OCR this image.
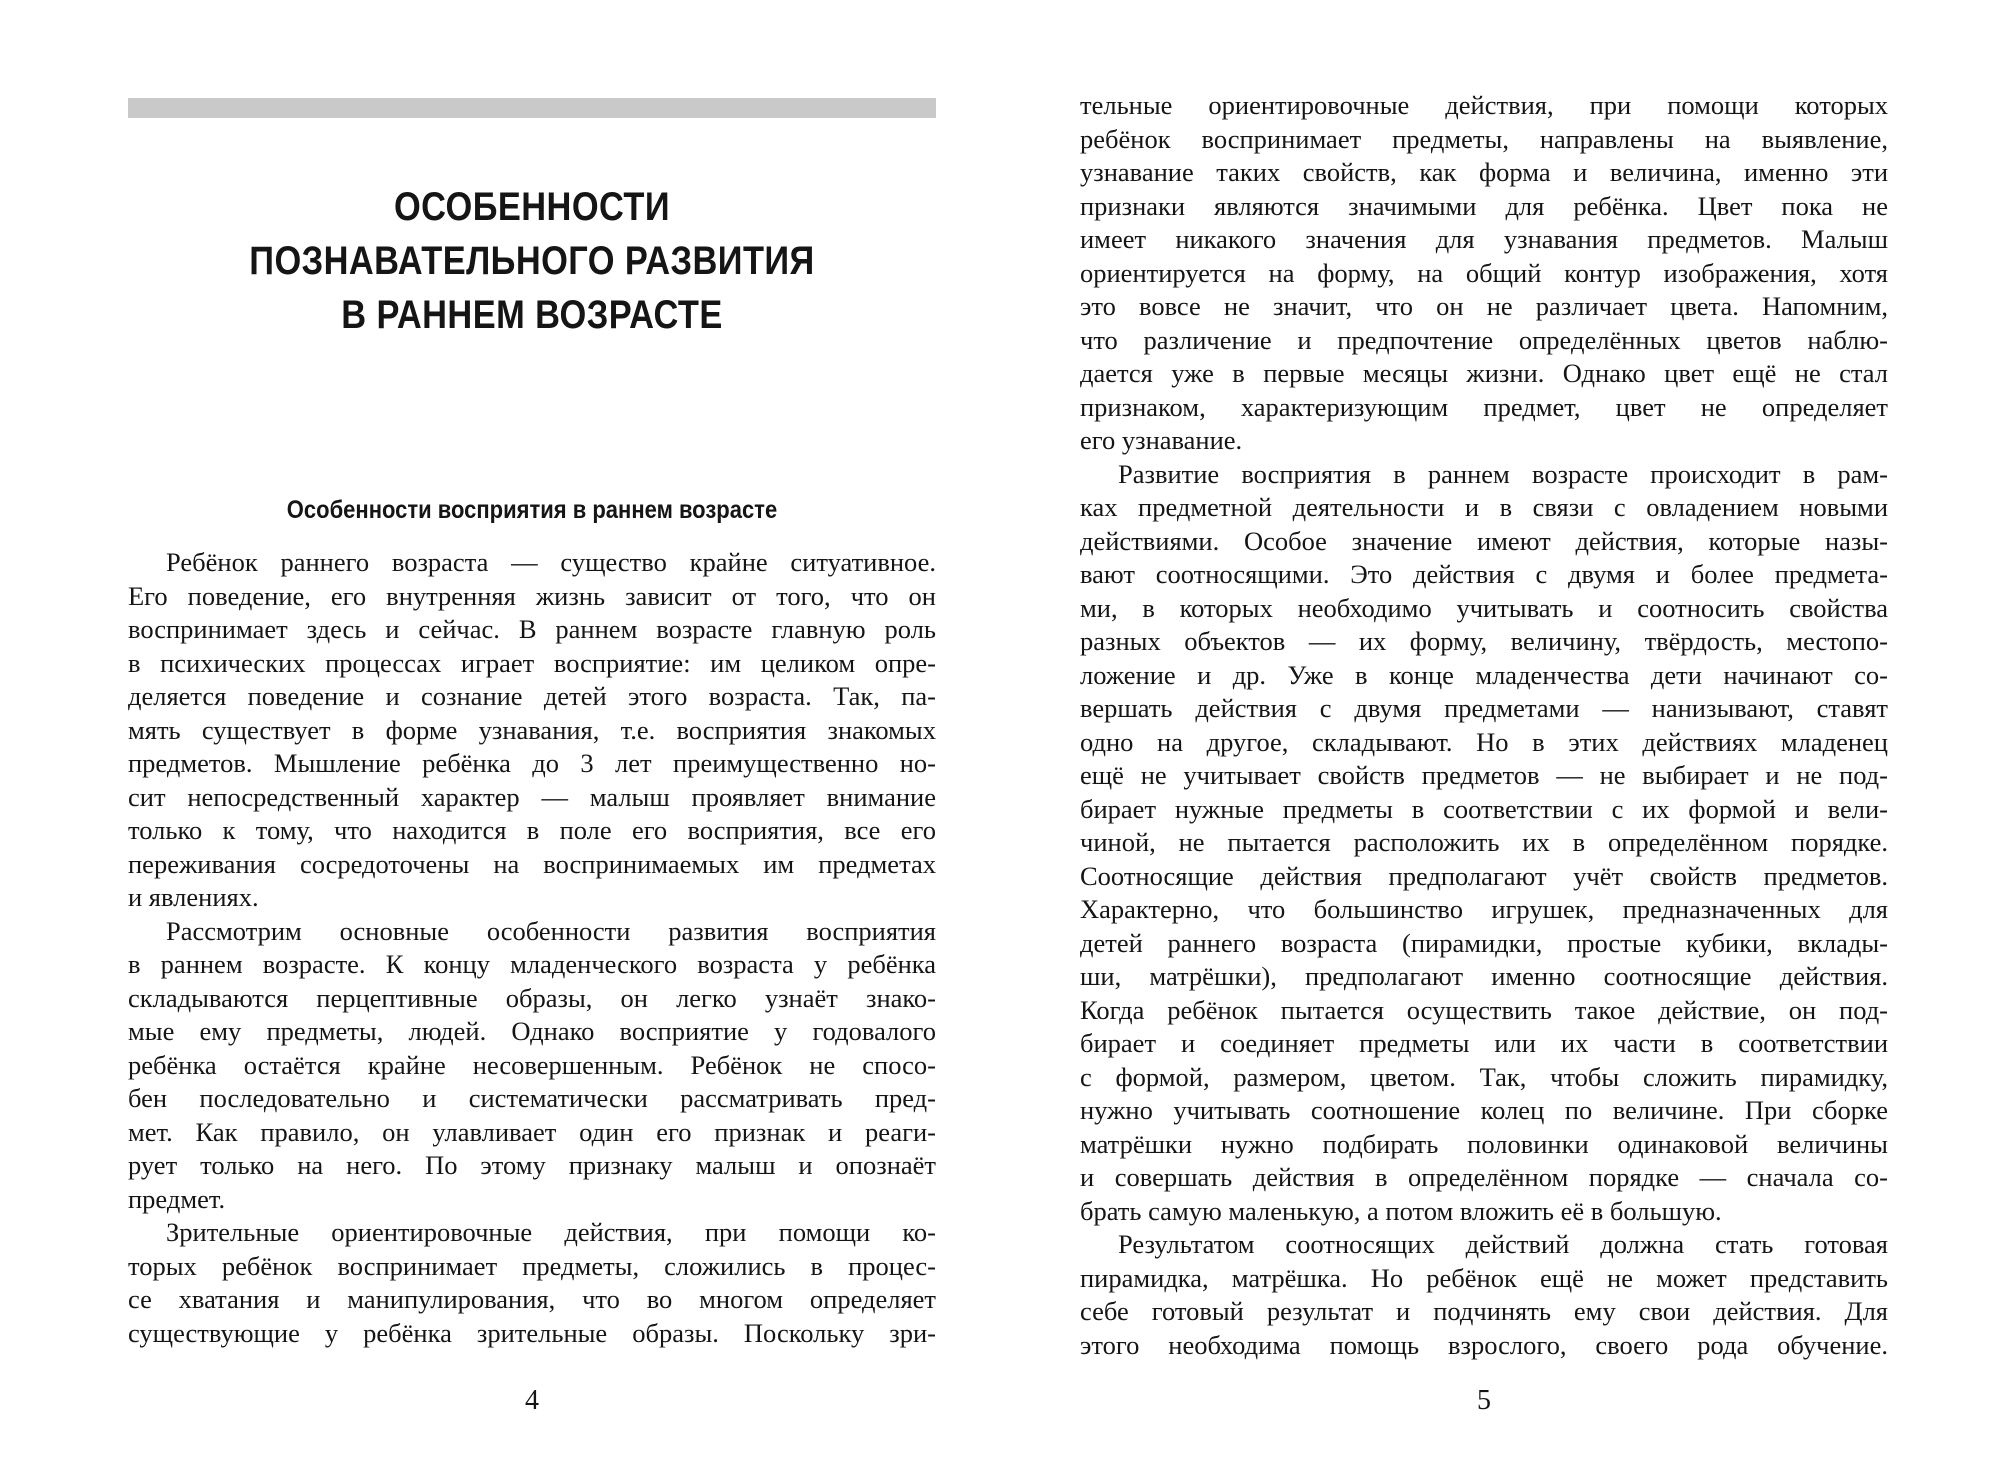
ОСОБЕННОСТИ
ПОЗНАВАТЕЛЬНОГО РАЗВИТИЯ
В РАННЕМ ВОЗРАСТЕ
Особенности восприятия в раннем возрасте
Ребёнок раннего возраста — существо крайне ситуативное.
Его поведение, его внутренняя жизнь зависит от того, что он
воспринимает здесь и сейчас. В раннем возрасте главную роль
в психических процессах играет восприятие: им целиком опре-
деляется поведение и сознание детей этого возраста. Так, па-
мять существует в форме узнавания, т.е. восприятия знакомых
предметов. Мышление ребёнка до 3 лет преимущественно но-
сит непосредственный характер — малыш проявляет внимание
только к тому, что находится в поле его восприятия, все его
переживания сосредоточены на воспринимаемых им предметах
и явлениях.
Рассмотрим основные особенности развития восприятия
в раннем возрасте. К концу младенческого возраста у ребёнка
складываются перцептивные образы, он легко узнаёт знако-
мые ему предметы, людей. Однако восприятие у годовалого
ребёнка остаётся крайне несовершенным. Ребёнок не спосо-
бен последовательно и систематически рассматривать пред-
мет. Как правило, он улавливает один его признак и реаги-
рует только на него. По этому признаку малыш и опознаёт
предмет.
Зрительные ориентировочные действия, при помощи ко-
торых ребёнок воспринимает предметы, сложились в процес-
се хватания и манипулирования, что во многом определяет
существующие у ребёнка зрительные образы. Поскольку зри-
4
тельные ориентировочные действия, при помощи которых
ребёнок воспринимает предметы, направлены на выявление,
узнавание таких свойств, как форма и величина, именно эти
признаки являются значимыми для ребёнка. Цвет пока не
имеет никакого значения для узнавания предметов. Малыш
ориентируется на форму, на общий контур изображения, хотя
это вовсе не значит, что он не различает цвета. Напомним,
что различение и предпочтение определённых цветов наблю-
дается уже в первые месяцы жизни. Однако цвет ещё не стал
признаком, характеризующим предмет, цвет не определяет
его узнавание.
Развитие восприятия в раннем возрасте происходит в рам-
ках предметной деятельности и в связи с овладением новыми
действиями. Особое значение имеют действия, которые назы-
вают соотносящими. Это действия с двумя и более предмета-
ми, в которых необходимо учитывать и соотносить свойства
разных объектов — их форму, величину, твёрдость, местопо-
ложение и др. Уже в конце младенчества дети начинают со-
вершать действия с двумя предметами — нанизывают, ставят
одно на другое, складывают. Но в этих действиях младенец
ещё не учитывает свойств предметов — не выбирает и не под-
бирает нужные предметы в соответствии с их формой и вели-
чиной, не пытается расположить их в определённом порядке.
Соотносящие действия предполагают учёт свойств предметов.
Характерно, что большинство игрушек, предназначенных для
детей раннего возраста (пирамидки, простые кубики, вклады-
ши, матрёшки), предполагают именно соотносящие действия.
Когда ребёнок пытается осуществить такое действие, он под-
бирает и соединяет предметы или их части в соответствии
с формой, размером, цветом. Так, чтобы сложить пирамидку,
нужно учитывать соотношение колец по величине. При сборке
матрёшки нужно подбирать половинки одинаковой величины
и совершать действия в определённом порядке — сначала со-
брать самую маленькую, а потом вложить её в большую.
Результатом соотносящих действий должна стать готовая
пирамидка, матрёшка. Но ребёнок ещё не может представить
себе готовый результат и подчинять ему свои действия. Для
этого необходима помощь взрослого, своего рода обучение.
5
